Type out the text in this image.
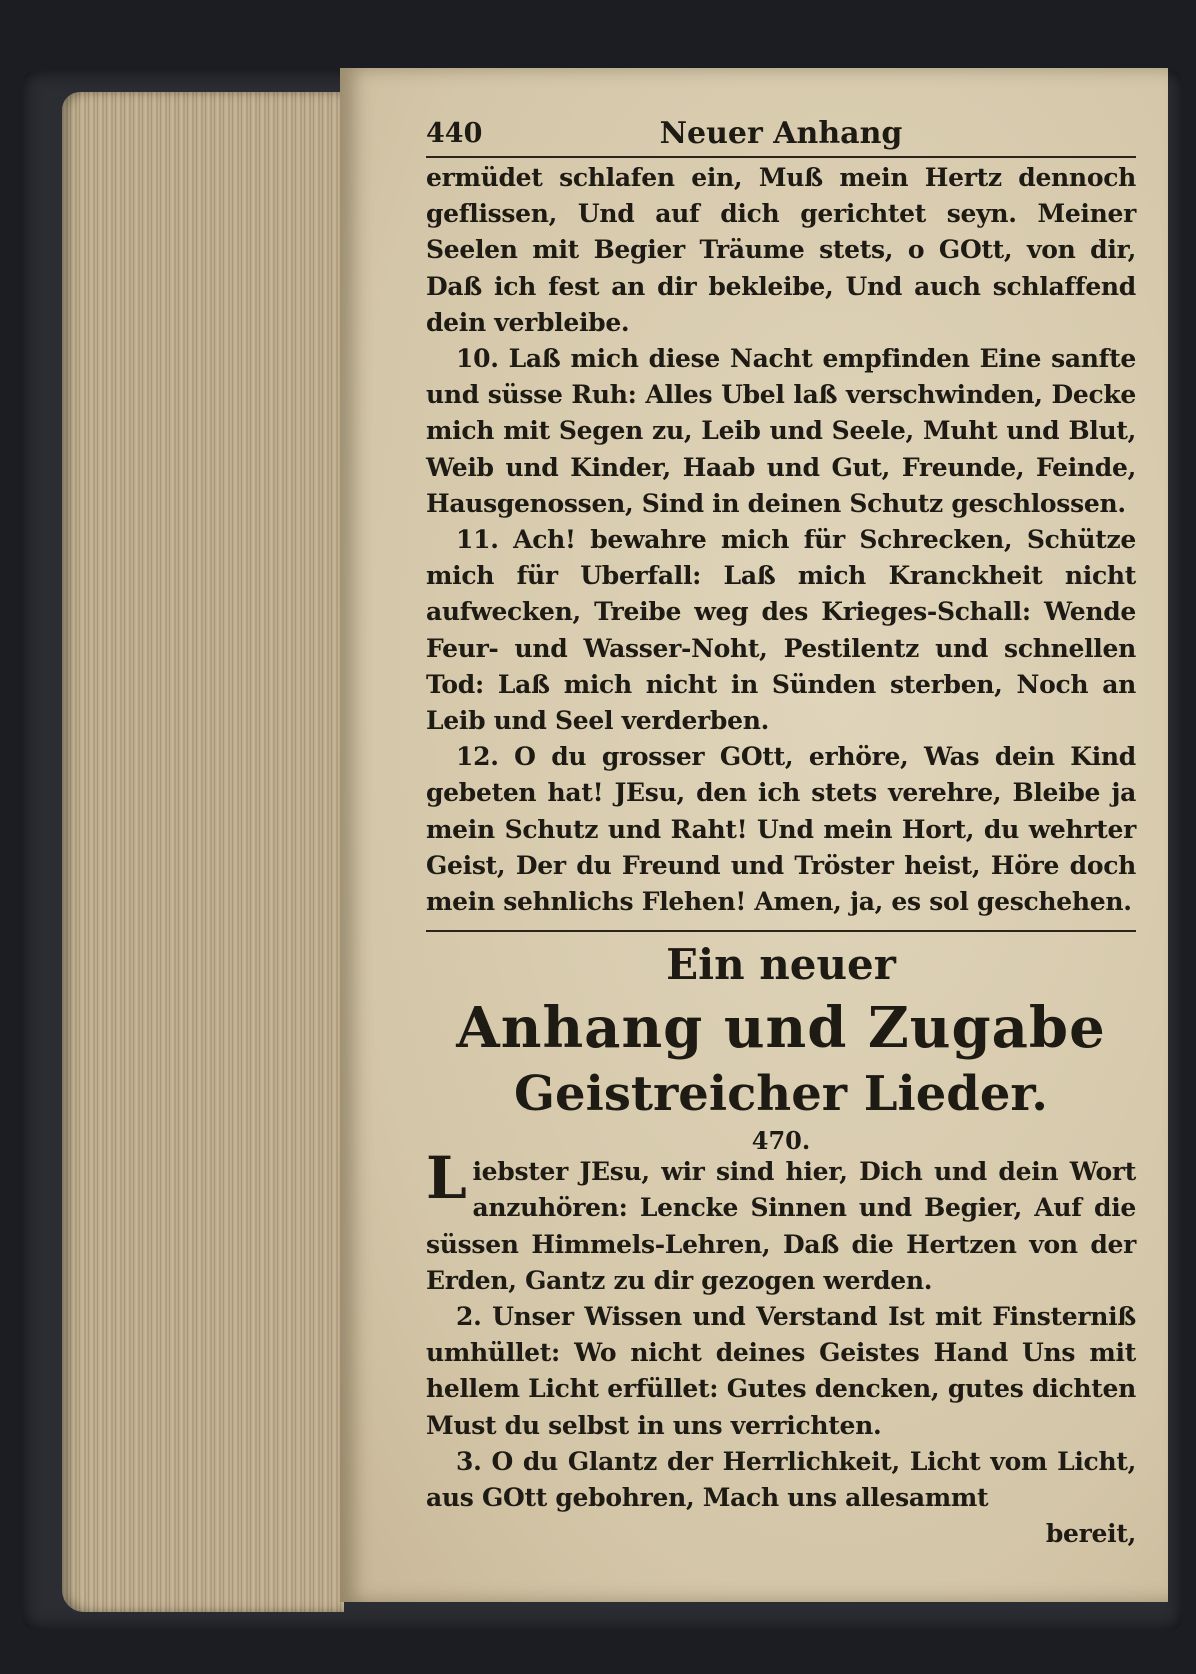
440	Neuer Anhang

ermüdet schlafen ein, Muß mein Hertz dennoch geflissen, Und auf dich gerichtet seyn. Meiner Seelen mit Begier Träume stets, o GOtt, von dir, Daß ich fest an dir bekleibe, Und auch schlaffend dein verbleibe.

10. Laß mich diese Nacht empfinden Eine sanfte und süsse Ruh: Alles Ubel laß verschwinden, Decke mich mit Segen zu, Leib und Seele, Muht und Blut, Weib und Kinder, Haab und Gut, Freunde, Feinde, Hausgenossen, Sind in deinen Schutz geschlossen.

11. Ach! bewahre mich für Schrecken, Schütze mich für Uberfall: Laß mich Kranckheit nicht aufwecken, Treibe weg des Krieges-Schall: Wende Feur- und Wasser-Noht, Pestilentz und schnellen Tod: Laß mich nicht in Sünden sterben, Noch an Leib und Seel verderben.

12. O du grosser GOtt, erhöre, Was dein Kind gebeten hat! JEsu, den ich stets verehre, Bleibe ja mein Schutz und Raht! Und mein Hort, du wehrter Geist, Der du Freund und Tröster heist, Höre doch mein sehnlichs Flehen! Amen, ja, es sol geschehen.

Ein neuer
Anhang und Zugabe
Geistreicher Lieder.
470.

Liebster JEsu, wir sind hier, Dich und dein Wort anzuhören: Lencke Sinnen und Begier, Auf die süssen Himmels-Lehren, Daß die Hertzen von der Erden, Gantz zu dir gezogen werden.

2. Unser Wissen und Verstand Ist mit Finsterniß umhüllet: Wo nicht deines Geistes Hand Uns mit hellem Licht erfüllet: Gutes dencken, gutes dichten Must du selbst in uns verrichten.

3. O du Glantz der Herrlichkeit, Licht vom Licht, aus GOtt gebohren, Mach uns allesammt

bereit,
